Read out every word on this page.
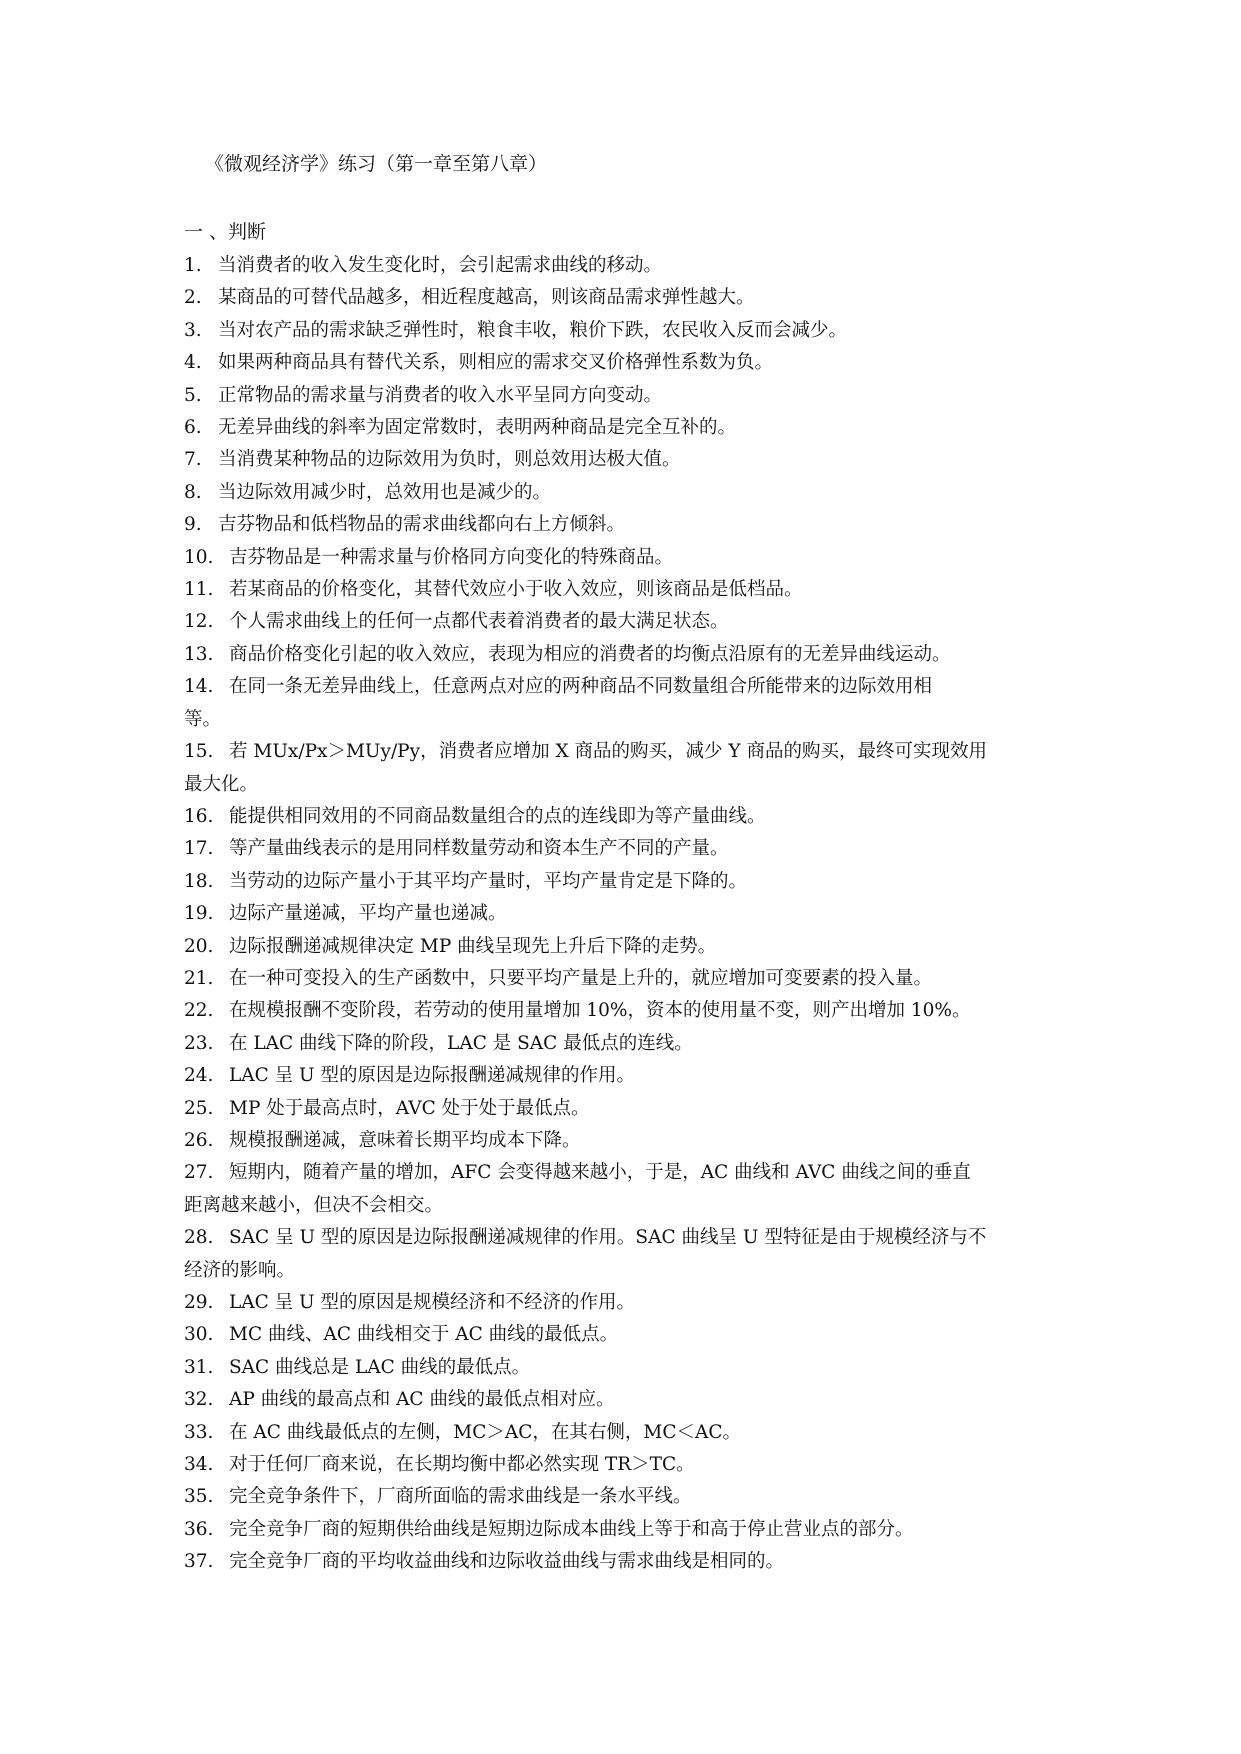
《微观经济学》练习（第一章至第八章）
一 、判断
1. 当消费者的收入发生变化时，会引起需求曲线的移动。
2. 某商品的可替代品越多，相近程度越高，则该商品需求弹性越大。
3. 当对农产品的需求缺乏弹性时，粮食丰收，粮价下跌，农民收入反而会减少。
4. 如果两种商品具有替代关系，则相应的需求交叉价格弹性系数为负。
5. 正常物品的需求量与消费者的收入水平呈同方向变动。
6. 无差异曲线的斜率为固定常数时，表明两种商品是完全互补的。
7. 当消费某种物品的边际效用为负时，则总效用达极大值。
8. 当边际效用减少时，总效用也是减少的。
9. 吉芬物品和低档物品的需求曲线都向右上方倾斜。
10. 吉芬物品是一种需求量与价格同方向变化的特殊商品。
11. 若某商品的价格变化，其替代效应小于收入效应，则该商品是低档品。
12. 个人需求曲线上的任何一点都代表着消费者的最大满足状态。
13. 商品价格变化引起的收入效应，表现为相应的消费者的均衡点沿原有的无差异曲线运动。
14. 在同一条无差异曲线上，任意两点对应的两种商品不同数量组合所能带来的边际效用相
等。
15. 若 MUx/Px＞MUy/Py，消费者应增加 X 商品的购买，减少 Y 商品的购买，最终可实现效用
最大化。
16. 能提供相同效用的不同商品数量组合的点的连线即为等产量曲线。
17. 等产量曲线表示的是用同样数量劳动和资本生产不同的产量。
18. 当劳动的边际产量小于其平均产量时，平均产量肯定是下降的。
19. 边际产量递减，平均产量也递减。
20. 边际报酬递减规律决定 MP 曲线呈现先上升后下降的走势。
21. 在一种可变投入的生产函数中，只要平均产量是上升的，就应增加可变要素的投入量。
22. 在规模报酬不变阶段，若劳动的使用量增加 10%，资本的使用量不变，则产出增加 10%。
23. 在 LAC 曲线下降的阶段，LAC 是 SAC 最低点的连线。
24. LAC 呈 U 型的原因是边际报酬递减规律的作用。
25. MP 处于最高点时，AVC 处于处于最低点。
26. 规模报酬递减，意味着长期平均成本下降。
27. 短期内，随着产量的增加，AFC 会变得越来越小，于是，AC 曲线和 AVC 曲线之间的垂直
距离越来越小，但决不会相交。
28. SAC 呈 U 型的原因是边际报酬递减规律的作用。SAC 曲线呈 U 型特征是由于规模经济与不
经济的影响。
29. LAC 呈 U 型的原因是规模经济和不经济的作用。
30. MC 曲线、AC 曲线相交于 AC 曲线的最低点。
31. SAC 曲线总是 LAC 曲线的最低点。
32. AP 曲线的最高点和 AC 曲线的最低点相对应。
33. 在 AC 曲线最低点的左侧，MC＞AC，在其右侧，MC＜AC。
34. 对于任何厂商来说，在长期均衡中都必然实现 TR＞TC。
35. 完全竞争条件下，厂商所面临的需求曲线是一条水平线。
36. 完全竞争厂商的短期供给曲线是短期边际成本曲线上等于和高于停止营业点的部分。
37. 完全竞争厂商的平均收益曲线和边际收益曲线与需求曲线是相同的。
